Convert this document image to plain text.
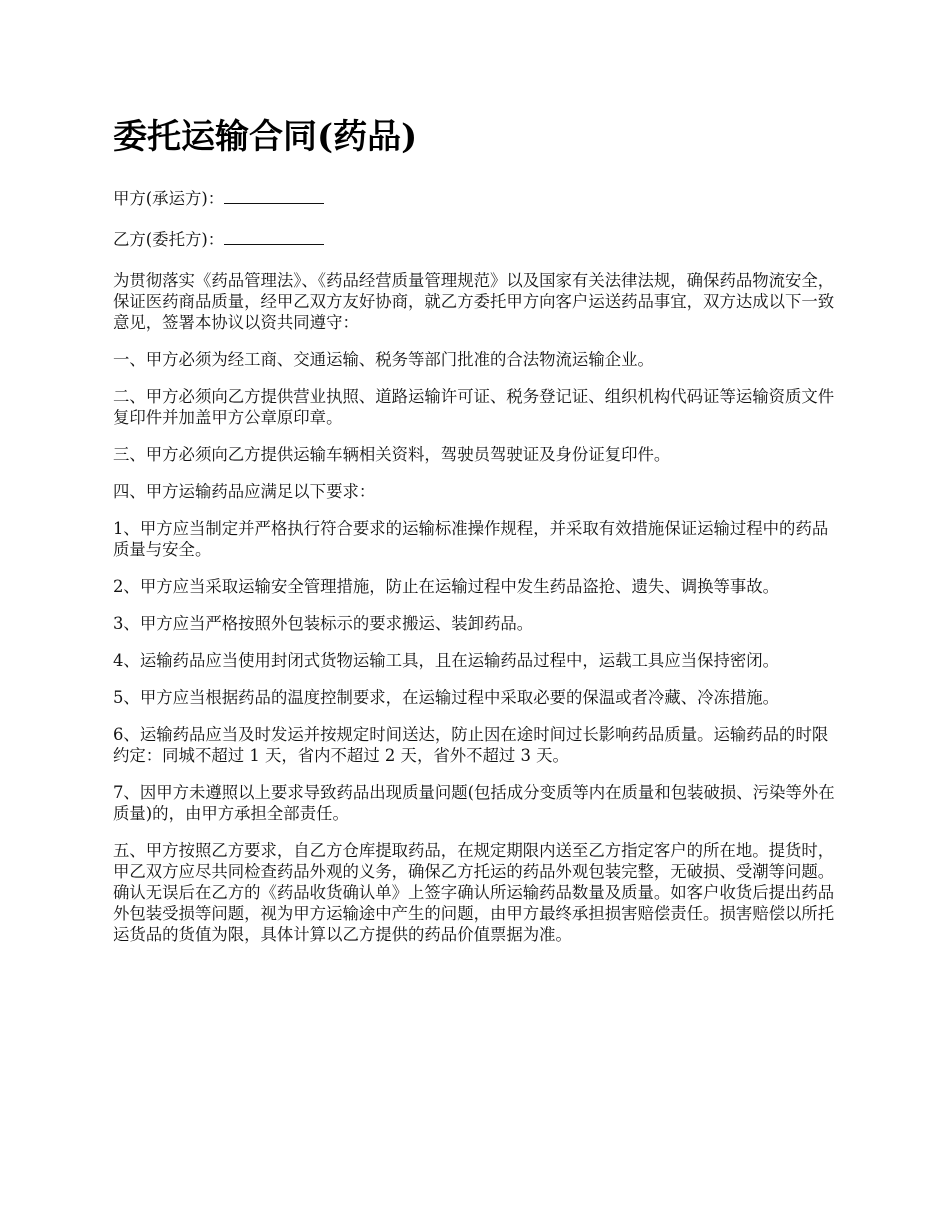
委托运输合同(药品)

甲方(承运方)：

乙方(委托方)：

为贯彻落实《药品管理法》、《药品经营质量管理规范》以及国家有关法律法规，确保药品物流安全，保证医药商品质量，经甲乙双方友好协商，就乙方委托甲方向客户运送药品事宜，双方达成以下一致意见，签署本协议以资共同遵守：

一、甲方必须为经工商、交通运输、税务等部门批准的合法物流运输企业。

二、甲方必须向乙方提供营业执照、道路运输许可证、税务登记证、组织机构代码证等运输资质文件复印件并加盖甲方公章原印章。

三、甲方必须向乙方提供运输车辆相关资料，驾驶员驾驶证及身份证复印件。

四、甲方运输药品应满足以下要求：

1、甲方应当制定并严格执行符合要求的运输标准操作规程，并采取有效措施保证运输过程中的药品质量与安全。

2、甲方应当采取运输安全管理措施，防止在运输过程中发生药品盗抢、遗失、调换等事故。

3、甲方应当严格按照外包装标示的要求搬运、装卸药品。

4、运输药品应当使用封闭式货物运输工具，且在运输药品过程中，运载工具应当保持密闭。

5、甲方应当根据药品的温度控制要求，在运输过程中采取必要的保温或者冷藏、冷冻措施。

6、运输药品应当及时发运并按规定时间送达，防止因在途时间过长影响药品质量。运输药品的时限约定：同城不超过 1 天，省内不超过 2 天，省外不超过 3 天。

7、因甲方未遵照以上要求导致药品出现质量问题(包括成分变质等内在质量和包装破损、污染等外在质量)的，由甲方承担全部责任。

五、甲方按照乙方要求，自乙方仓库提取药品，在规定期限内送至乙方指定客户的所在地。提货时，甲乙双方应尽共同检查药品外观的义务，确保乙方托运的药品外观包装完整，无破损、受潮等问题。确认无误后在乙方的《药品收货确认单》上签字确认所运输药品数量及质量。如客户收货后提出药品外包装受损等问题，视为甲方运输途中产生的问题，由甲方最终承担损害赔偿责任。损害赔偿以所托运货品的货值为限，具体计算以乙方提供的药品价值票据为准。
